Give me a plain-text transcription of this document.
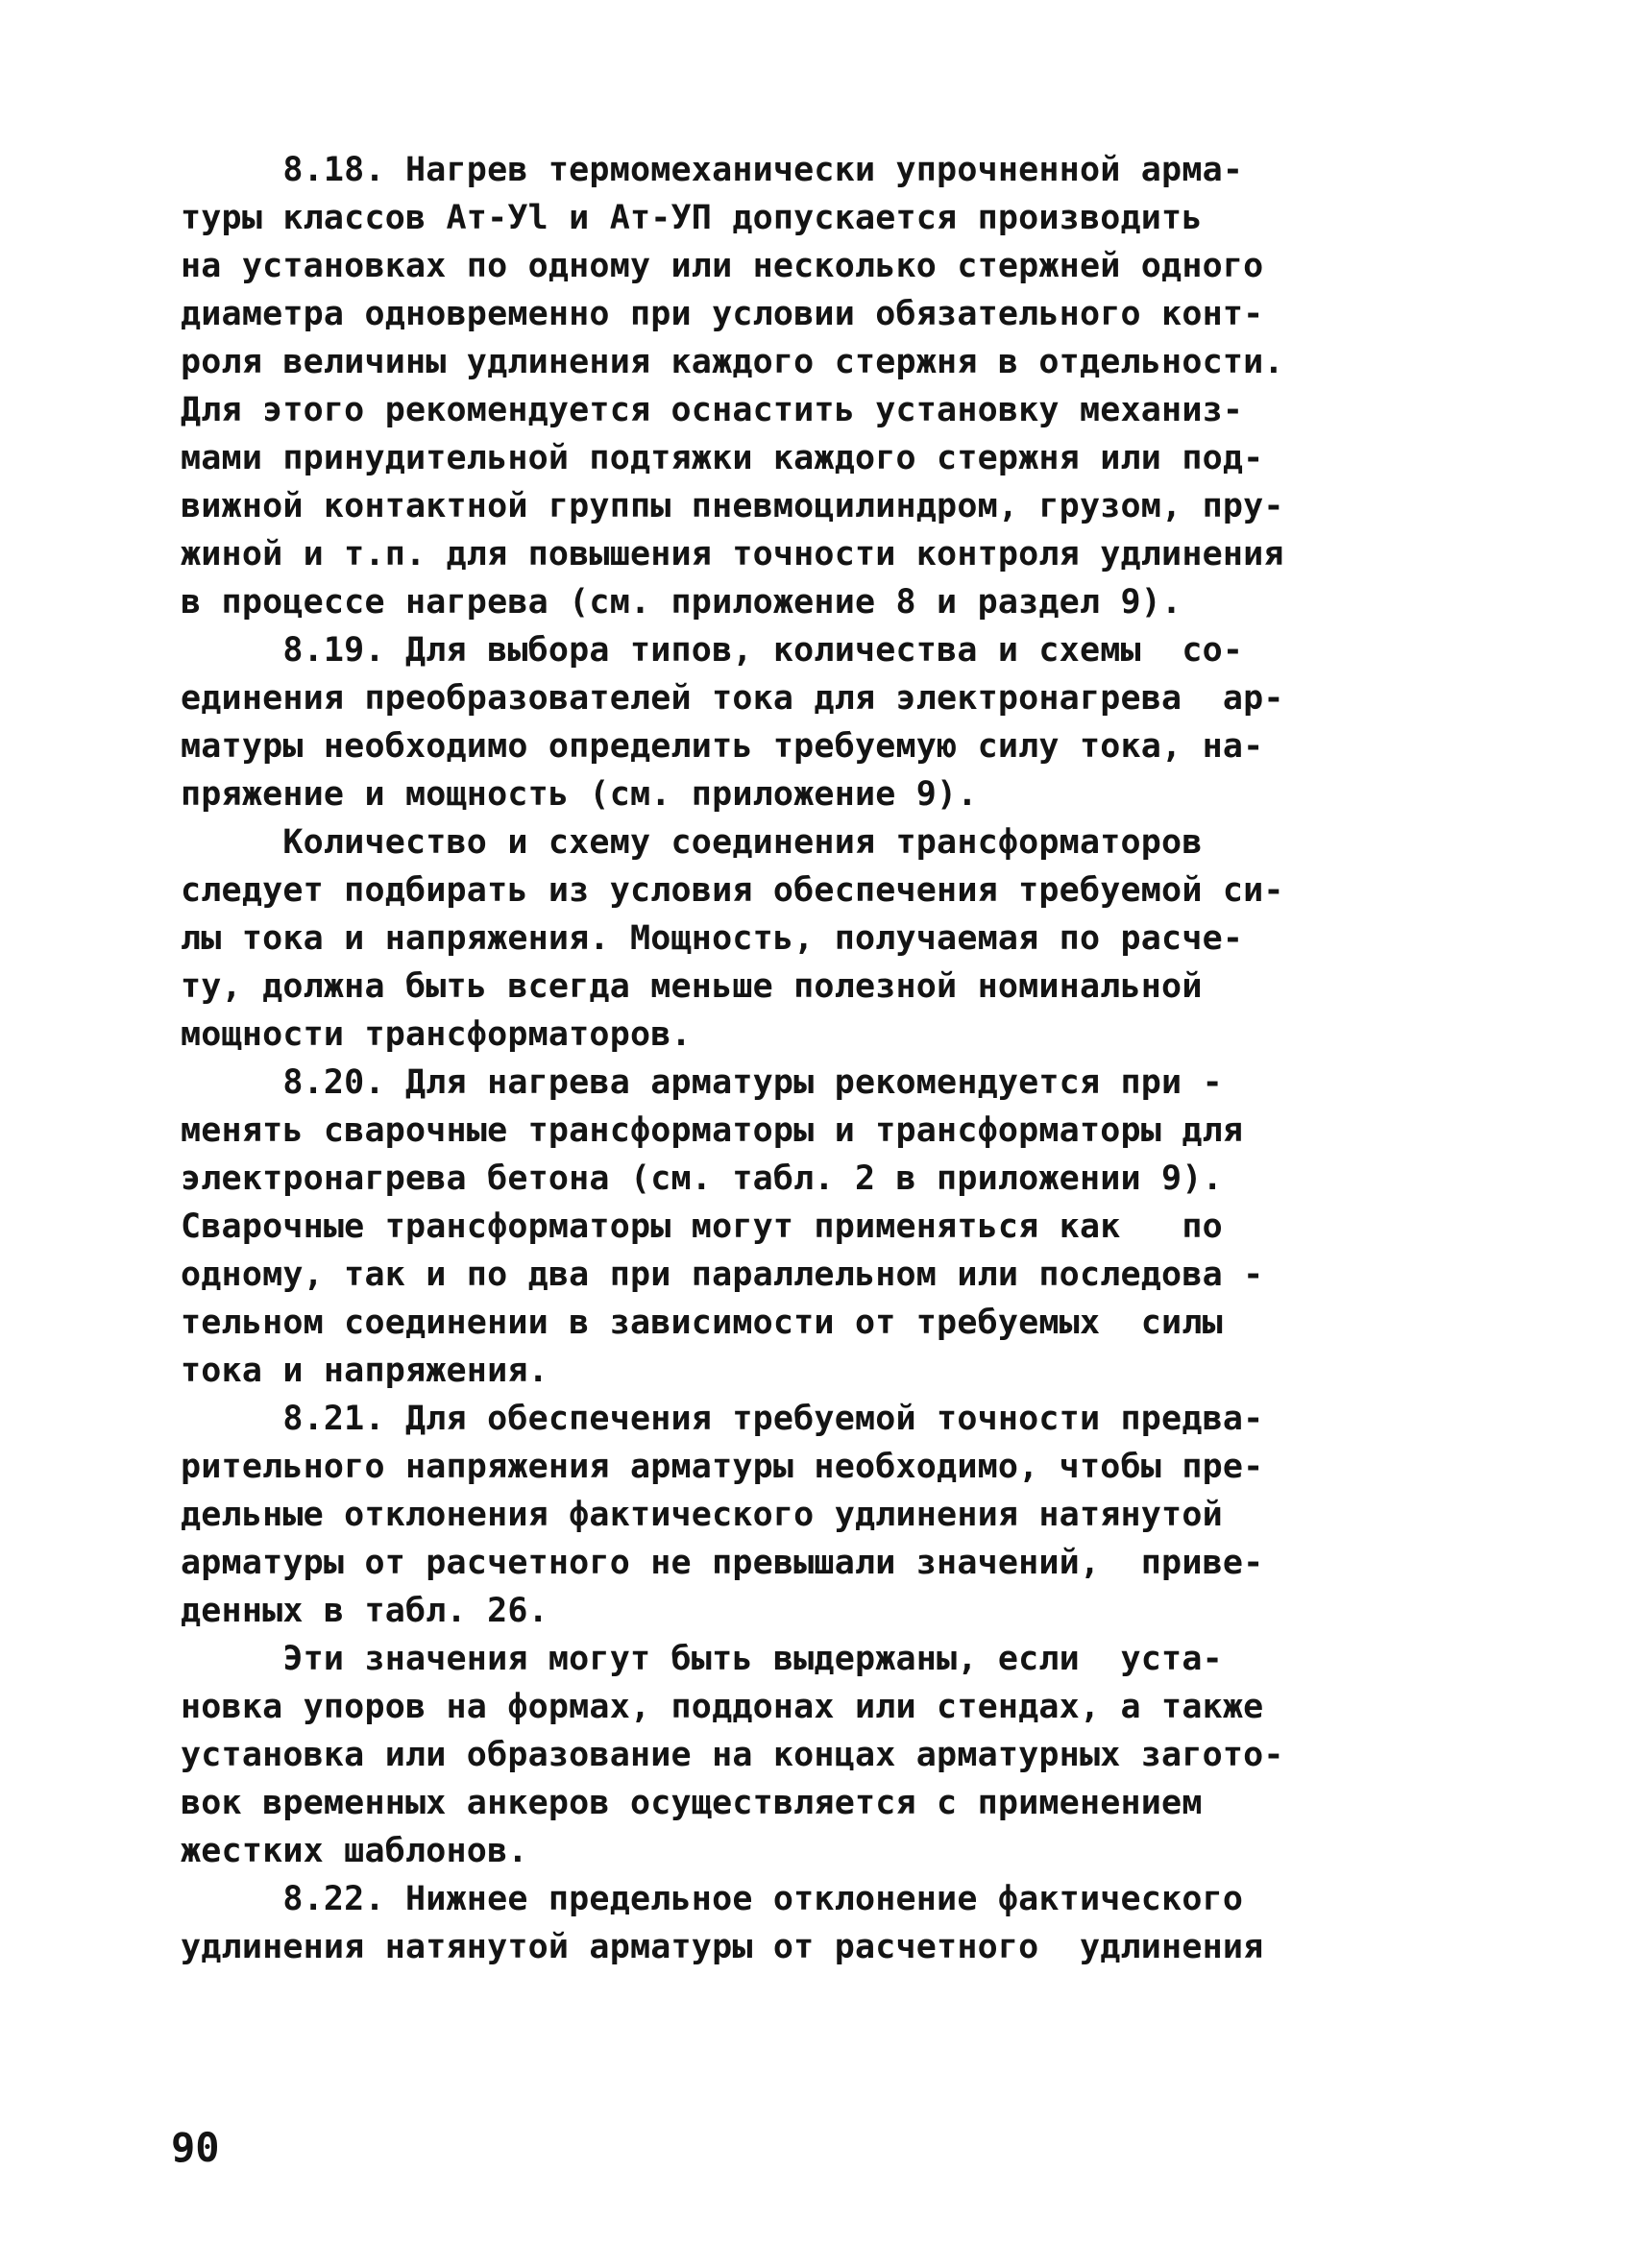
8.18. Нагрев термомеханически упрочненной арма-
туры классов Ат-Уl и Ат-УП допускается производить
на установках по одному или несколько стержней одного
диаметра одновременно при условии обязательного конт-
роля величины удлинения каждого стержня в отдельности.
Для этого рекомендуется оснастить установку механиз-
мами принудительной подтяжки каждого стержня или под-
вижной контактной группы пневмоцилиндром, грузом, пру-
жиной и т.п. для повышения точности контроля удлинения
в процессе нагрева (см. приложение 8 и раздел 9).
8.19. Для выбора типов, количества и схемы  со-
единения преобразователей тока для электронагрева  ар-
матуры необходимо определить требуемую силу тока, на-
пряжение и мощность (см. приложение 9).
Количество и схему соединения трансформаторов
следует подбирать из условия обеспечения требуемой си-
лы тока и напряжения. Мощность, получаемая по расче-
ту, должна быть всегда меньше полезной номинальной
мощности трансформаторов.
8.20. Для нагрева арматуры рекомендуется при -
менять сварочные трансформаторы и трансформаторы для
электронагрева бетона (см. табл. 2 в приложении 9).
Сварочные трансформаторы могут применяться как   по
одному, так и по два при параллельном или последова -
тельном соединении в зависимости от требуемых  силы
тока и напряжения.
8.21. Для обеспечения требуемой точности предва-
рительного напряжения арматуры необходимо, чтобы пре-
дельные отклонения фактического удлинения натянутой
арматуры от расчетного не превышали значений,  приве-
денных в табл. 26.
Эти значения могут быть выдержаны, если  уста-
новка упоров на формах, поддонах или стендах, а также
установка или образование на концах арматурных загото-
вок временных анкеров осуществляется с применением
жестких шаблонов.
8.22. Нижнее предельное отклонение фактического
удлинения натянутой арматуры от расчетного  удлинения
90
